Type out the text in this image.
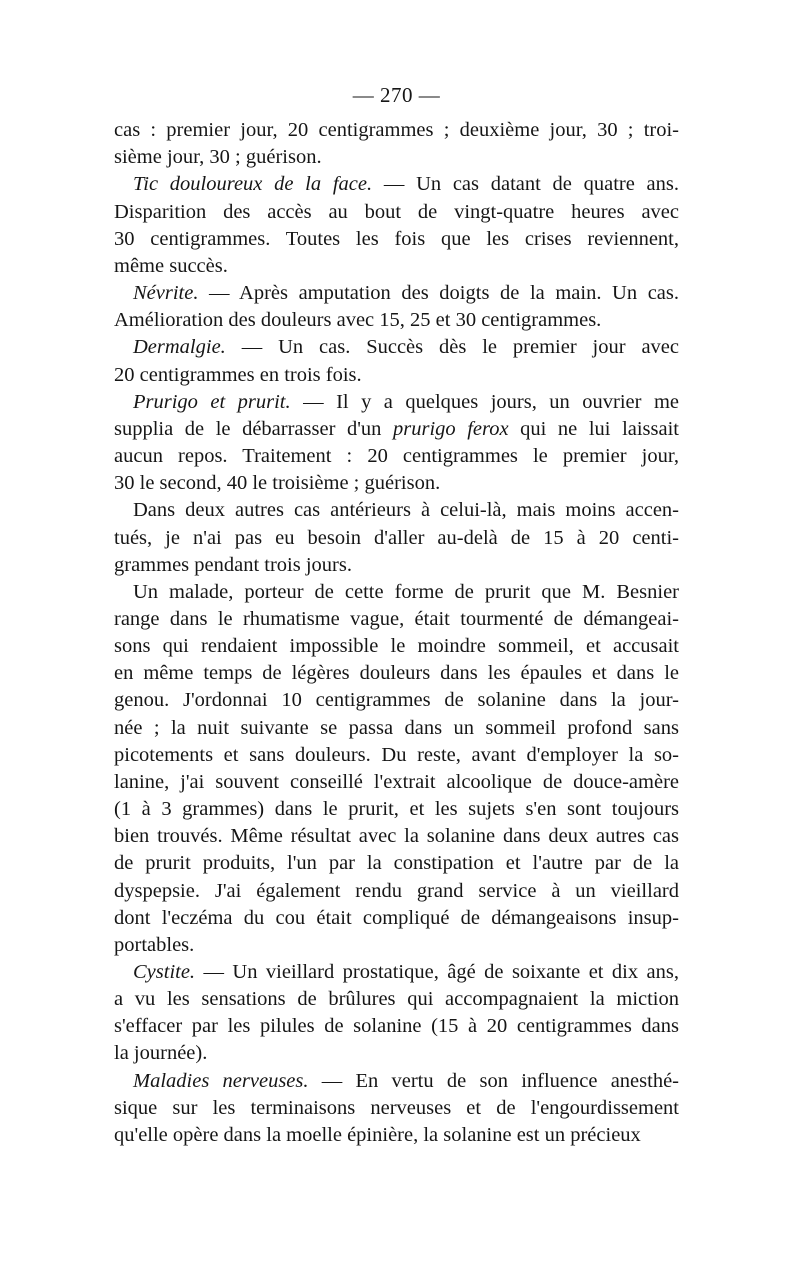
— 270 —
cas : premier jour, 20 centigrammes ; deuxième jour, 30 ; troi-
sième jour, 30 ; guérison.
Tic douloureux de la face. — Un cas datant de quatre ans.
Disparition des accès au bout de vingt-quatre heures avec
30 centigrammes. Toutes les fois que les crises reviennent,
même succès.
Névrite. — Après amputation des doigts de la main. Un cas.
Amélioration des douleurs avec 15, 25 et 30 centigrammes.
Dermalgie. — Un cas. Succès dès le premier jour avec
20 centigrammes en trois fois.
Prurigo et prurit. — Il y a quelques jours, un ouvrier me
supplia de le débarrasser d'un prurigo ferox qui ne lui laissait
aucun repos. Traitement : 20 centigrammes le premier jour,
30 le second, 40 le troisième ; guérison.
Dans deux autres cas antérieurs à celui-là, mais moins accen-
tués, je n'ai pas eu besoin d'aller au-delà de 15 à 20 centi-
grammes pendant trois jours.
Un malade, porteur de cette forme de prurit que M. Besnier
range dans le rhumatisme vague, était tourmenté de démangeai-
sons qui rendaient impossible le moindre sommeil, et accusait
en même temps de légères douleurs dans les épaules et dans le
genou. J'ordonnai 10 centigrammes de solanine dans la jour-
née ; la nuit suivante se passa dans un sommeil profond sans
picotements et sans douleurs. Du reste, avant d'employer la so-
lanine, j'ai souvent conseillé l'extrait alcoolique de douce-amère
(1 à 3 grammes) dans le prurit, et les sujets s'en sont toujours
bien trouvés. Même résultat avec la solanine dans deux autres cas
de prurit produits, l'un par la constipation et l'autre par de la
dyspepsie. J'ai également rendu grand service à un vieillard
dont l'eczéma du cou était compliqué de démangeaisons insup-
portables.
Cystite. — Un vieillard prostatique, âgé de soixante et dix ans,
a vu les sensations de brûlures qui accompagnaient la miction
s'effacer par les pilules de solanine (15 à 20 centigrammes dans
la journée).
Maladies nerveuses. — En vertu de son influence anesthé-
sique sur les terminaisons nerveuses et de l'engourdissement
qu'elle opère dans la moelle épinière, la solanine est un précieux
